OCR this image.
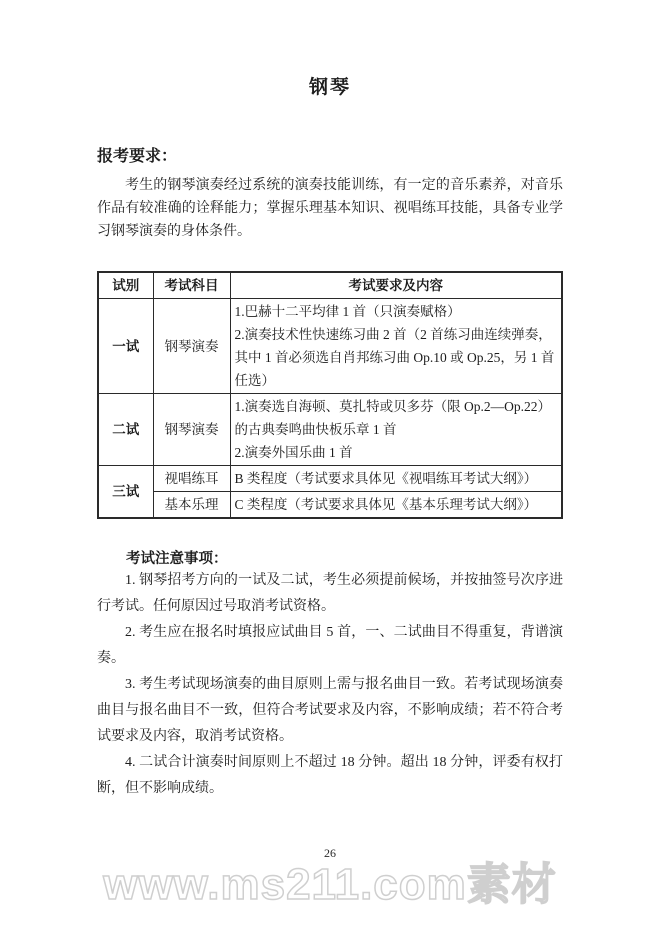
钢琴
报考要求：

考生的钢琴演奏经过系统的演奏技能训练，有一定的音乐素养，对音乐作品有较准确的诠释能力；掌握乐理基本知识、视唱练耳技能，具备专业学习钢琴演奏的身体条件。

试别	考试科目	考试要求及内容
一试	钢琴演奏	1.巴赫十二平均律 1 首（只演奏赋格）
2.演奏技术性快速练习曲 2 首（2 首练习曲连续弹奏，其中 1 首必须选自肖邦练习曲 Op.10 或 Op.25，另 1 首任选）

二试	钢琴演奏	1.演奏选自海顿、莫扎特或贝多芬（限 Op.2—Op.22）的古典奏鸣曲快板乐章 1 首
2.演奏外国乐曲 1 首

三试	视唱练耳	B 类程度（考试要求具体见《视唱练耳考试大纲》）

	基本乐理	C 类程度（考试要求具体见《基本乐理考试大纲》）
考试注意事项：

1. 钢琴招考方向的一试及二试，考生必须提前候场，并按抽签号次序进行考试。任何原因过号取消考试资格。

2. 考生应在报名时填报应试曲目 5 首，一、二试曲目不得重复，背谱演奏。

3. 考生考试现场演奏的曲目原则上需与报名曲目一致。若考试现场演奏曲目与报名曲目不一致，但符合考试要求及内容，不影响成绩；若不符合考试要求及内容，取消考试资格。

4. 二试合计演奏时间原则上不超过 18 分钟。超出 18 分钟，评委有权打断，但不影响成绩。

26
www.ms211.com素材
